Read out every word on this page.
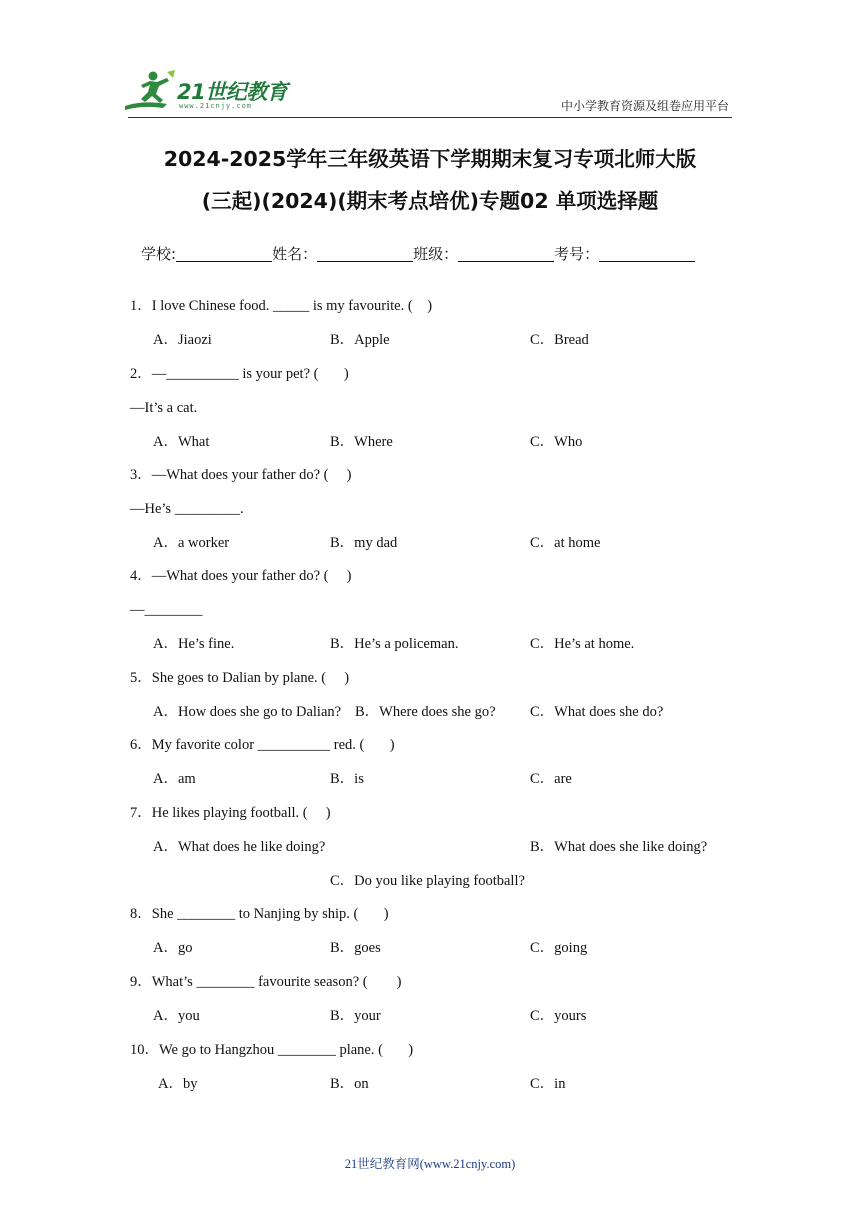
21世纪教育
www.21cnjy.com	中小学教育资源及组卷应用平台
2024-2025学年三年级英语下学期期末复习专项北师大版
(三起)(2024)(期末考点培优)专题02 单项选择题
学校:	姓名：	班级：	考号：
1．I love Chinese food. _____ is my favourite. (    )
A．Jiaozi	B．Apple	C．Bread
2．—__________ is your pet? (       )
—It’s a cat.
A．What	B．Where	C．Who
3．—What does your father do? (     )
—He’s _________.
A．a worker	B．my dad	C．at home
4．—What does your father do? (     )
—________
A．He’s fine.	B．He’s a policeman.	C．He’s at home.
5．She goes to Dalian by plane. (     )
A．How does she go to Dalian? B．Where does she go? C．What does she do?
6．My favorite color __________ red. (       )
A．am	B．is	C．are
7．He likes playing football. (     )
A．What does he like doing?	B．What does she like doing?
C．Do you like playing football?
8．She ________ to Nanjing by ship. (       )
A．go	B．goes	C．going
9．What’s ________ favourite season? (        )
A．you	B．your	C．yours
10．We go to Hangzhou ________ plane. (       )
A．by	B．on	C．in
21世纪教育网(www.21cnjy.com)
